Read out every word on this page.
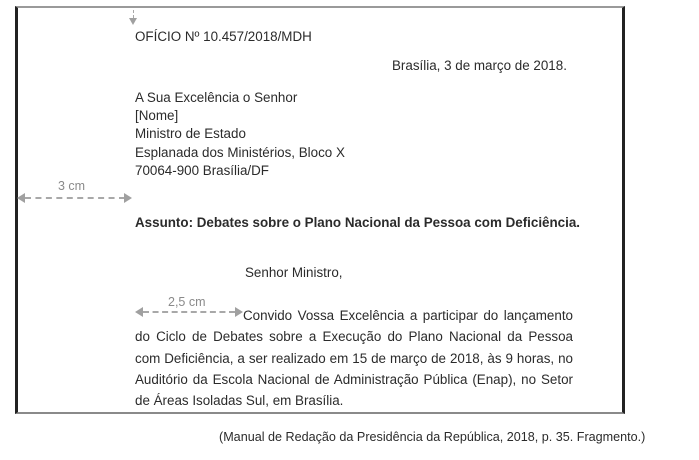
OFÍCIO Nº 10.457/2018/MDH
Brasília, 3 de março de 2018.
A Sua Excelência o Senhor
[Nome]
Ministro de Estado
Esplanada dos Ministérios, Bloco X
70064-900 Brasília/DF
3 cm
Assunto: Debates sobre o Plano Nacional da Pessoa com Deficiência.
Senhor Ministro,
2,5 cm
Convido Vossa Excelência a participar do lançamento do Ciclo de Debates sobre a Execução do Plano Nacional da Pessoa com Deficiência, a ser realizado em 15 de março de 2018, às 9 horas, no Auditório da Escola Nacional de Administração Pública (Enap), no Setor de Áreas Isoladas Sul, em Brasília.
(Manual de Redação da Presidência da República, 2018, p. 35. Fragmento.)
